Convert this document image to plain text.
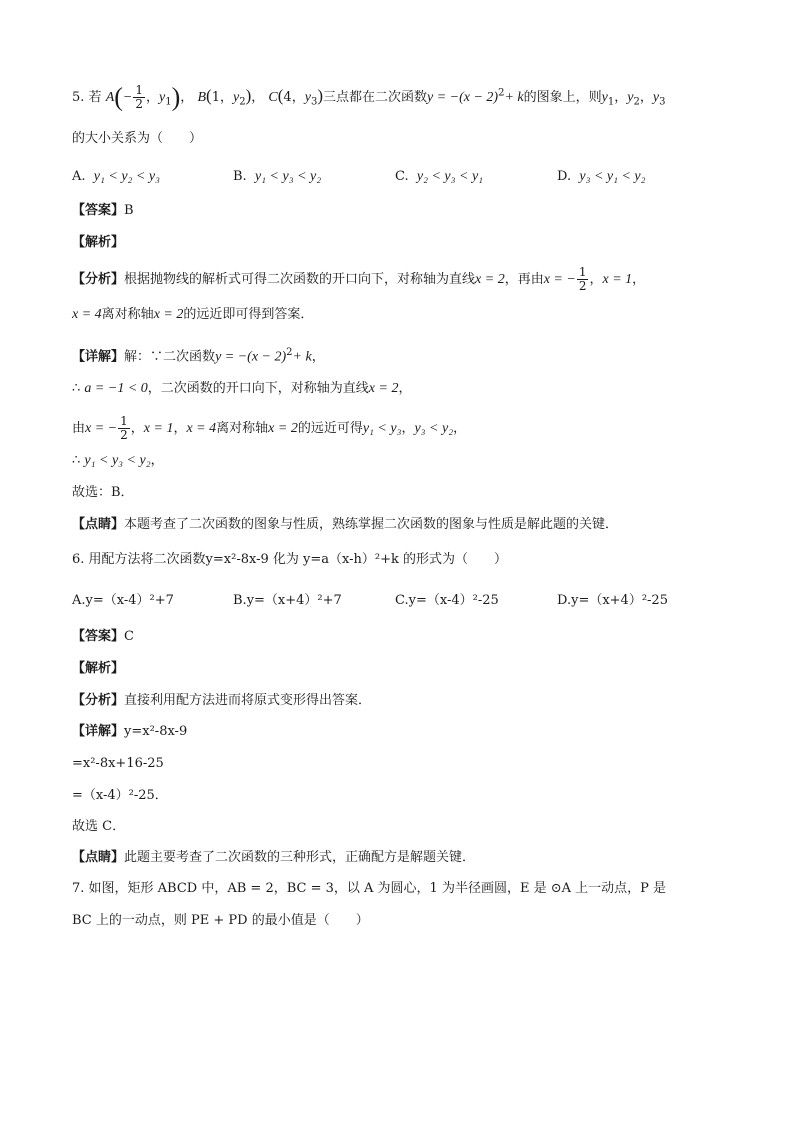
5. 若 $A(- \frac{1}{2}$ ，$y_1$)， B(1，$y_2$)， C(4，$y_3$)三点都在二次函数$y = -(x - 2)^2+ k$的图象上，则$y_1$，$y_2$，$y_3$
的大小关系为（　　）
A. y₁ < y₂ < y₃	B. y₁ < y₃ < y₂	C. y₂ < y₃ < y₁	D. y₃ < y₁ < y₂
【答案】B
【解析】
【分析】根据抛物线的解析式可得二次函数的开口向下，对称轴为直线x = 2，再由x = − $\frac{1}{2}$ ，x = 1，
x = 4离对称轴x = 2的远近即可得到答案．
【详解】解：∵二次函数$y = -(x - 2)^2+ k$，
∴ a = −1 < 0，二次函数的开口向下，对称轴为直线x = 2，
由x = − $\frac{1}{2}$ ，x = 1，x = 4离对称轴x = 2的远近可得y₁ < y₃，y₃ < y₂，
∴ y₁ < y₃ < y₂，
故选：B．
【点睛】本题考查了二次函数的图象与性质，熟练掌握二次函数的图象与性质是解此题的关键．
6. 用配方法将二次函数y=x²-8x-9 化为 y=a（x-h）²+k 的形式为（　　）
A.y=（x-4）²+7	B.y=（x+4）²+7	C.y=（x-4）²-25	D.y=（x+4）²-25
【答案】C
【解析】
【分析】直接利用配方法进而将原式变形得出答案．
【详解】y=x²-8x-9
=x²-8x+16-25
=（x-4）²-25．
故选 C．
【点睛】此题主要考查了二次函数的三种形式，正确配方是解题关键．
7. 如图，矩形 ABCD 中，AB = 2，BC = 3，以 A 为圆心，1 为半径画圆，E 是 ⊙A 上一动点，P 是
BC 上的一动点，则 PE + PD 的最小值是（　　）
